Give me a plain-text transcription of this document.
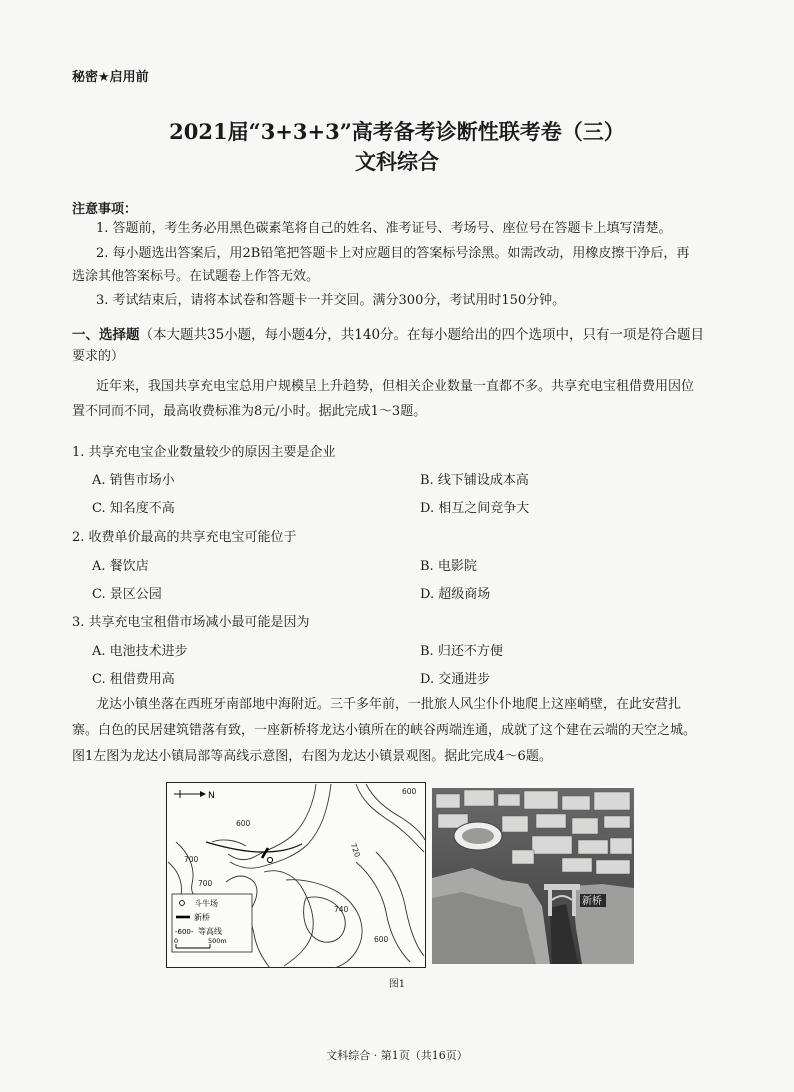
秘密★启用前
2021届“3+3+3”高考备考诊断性联考卷（三）
文科综合
注意事项：
1. 答题前，考生务必用黑色碳素笔将自己的姓名、准考证号、考场号、座位号在答题卡上填写清楚。
2. 每小题选出答案后，用2B铅笔把答题卡上对应题目的答案标号涂黑。如需改动，用橡皮擦干净后，再
选涂其他答案标号。在试题卷上作答无效。
3. 考试结束后，请将本试卷和答题卡一并交回。满分300分，考试用时150分钟。
一、选择题（本大题共35小题，每小题4分，共140分。在每小题给出的四个选项中，只有一项是符合题目
要求的）
近年来，我国共享充电宝总用户规模呈上升趋势，但相关企业数量一直都不多。共享充电宝租借费用因位
置不同而不同，最高收费标准为8元/小时。据此完成1～3题。
1. 共享充电宝企业数量较少的原因主要是企业
A. 销售市场小	B. 线下铺设成本高
C. 知名度不高	D. 相互之间竞争大
2. 收费单价最高的共享充电宝可能位于
A. 餐饮店	B. 电影院
C. 景区公园	D. 超级商场
3. 共享充电宝租借市场减小最可能是因为
A. 电池技术进步	B. 归还不方便
C. 租借费用高	D. 交通进步
龙达小镇坐落在西班牙南部地中海附近。三千多年前，一批旅人风尘仆仆地爬上这座峭壁，在此安营扎
寨。白色的民居建筑错落有致，一座新桥将龙达小镇所在的峡谷两端连通，成就了这个建在云端的天空之城。
图1左图为龙达小镇局部等高线示意图，右图为龙达小镇景观图。据此完成4～6题。
N	600
600
720
700
700
740
600
斗牛场
新桥
-600- 等高线
0	500m
新桥
图1
文科综合 · 第1页（共16页）
